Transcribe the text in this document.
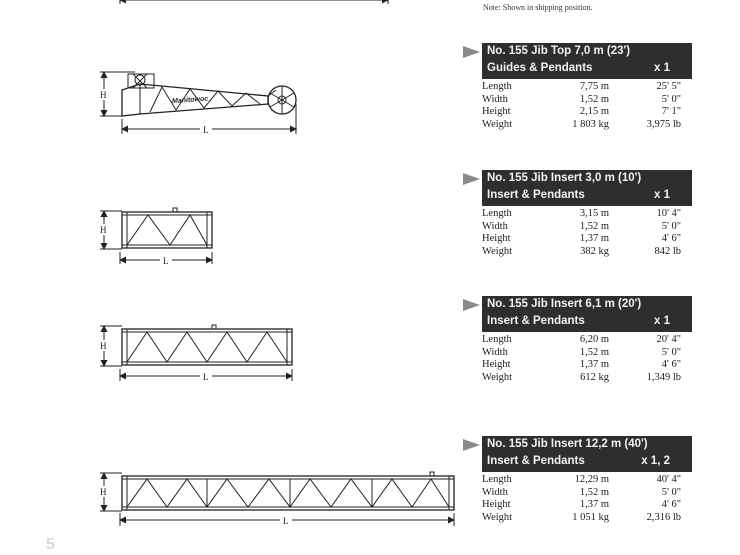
Note: Shown in shipping position.
Manitowoc
H
L
H
L
H
L
H
L
No. 155 Jib Top 7,0 m (23')
Guides & Pendants	x 1
Length	7,75 m	25' 5"
Width	1,52 m	5' 0"
Height	2,15 m	7' 1"
Weight	1 803 kg	3,975 lb
No. 155 Jib Insert 3,0 m (10')
Insert & Pendants	x 1
Length	3,15 m	10' 4"
Width	1,52 m	5' 0"
Height	1,37 m	4' 6"
Weight	382 kg	842 lb
No. 155 Jib Insert 6,1 m (20')
Insert & Pendants	x 1
Length	6,20 m	20' 4"
Width	1,52 m	5' 0"
Height	1,37 m	4' 6"
Weight	612 kg	1,349 lb
No. 155 Jib Insert 12,2 m (40')
Insert & Pendants	x 1, 2
Length	12,29 m	40' 4"
Width	1,52 m	5' 0"
Height	1,37 m	4' 6"
Weight	1 051 kg	2,316 lb
5
